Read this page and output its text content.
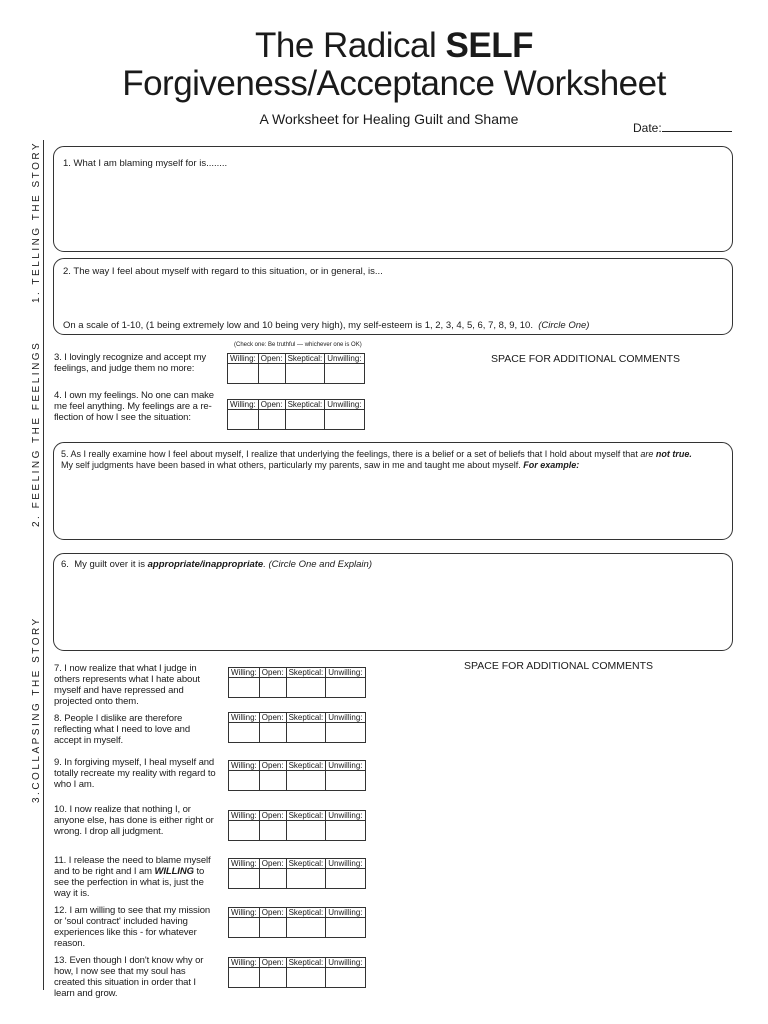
The Radical SELF
Forgiveness/Acceptance Worksheet
A Worksheet for Healing Guilt and Shame
Date:
1. TELLING THE STORY
2. FEELING THE FEELINGS
3.COLLAPSING THE STORY
1. What I am blaming myself for is........
2. The way I feel about myself with regard to this situation, or in general, is...
On a scale of 1-10, (1 being extremely low and 10 being very high), my self-esteem is 1, 2, 3, 4, 5, 6, 7, 8, 9, 10. (Circle One)
(Check one: Be truthful — whichever one is OK)
SPACE FOR ADDITIONAL COMMENTS
3. I lovingly recognize and accept my feelings, and judge them no more:
Willing:	Open:	Skeptical:	Unwilling:

4. I own my feelings. No one can make me feel anything. My feelings are a re- flection of how I see the situation:
Willing:	Open:	Skeptical:	Unwilling:

5. As I really examine how I feel about myself, I realize that underlying the feelings, there is a belief or a set of beliefs that I hold about myself that are not true.
My self judgments have been based in what others, particularly my parents, saw in me and taught me about myself. For example:
6. My guilt over it is appropriate/inappropriate. (Circle One and Explain)
SPACE FOR ADDITIONAL COMMENTS
7. I now realize that what I judge in others represents what I hate about myself and have repressed and projected onto them.
Willing:	Open:	Skeptical:	Unwilling:

8. People I dislike are therefore reflecting what I need to love and accept in myself.
Willing:	Open:	Skeptical:	Unwilling:

9. In forgiving myself, I heal myself and totally recreate my reality with regard to who I am.
Willing:	Open:	Skeptical:	Unwilling:

10. I now realize that nothing I, or anyone else, has done is either right or wrong. I drop all judgment.
Willing:	Open:	Skeptical:	Unwilling:

11. I release the need to blame myself and to be right and I am WILLING to see the perfection in what is, just the way it is.
Willing:	Open:	Skeptical:	Unwilling:

12. I am willing to see that my mission or 'soul contract' included having experiences like this - for whatever reason.
Willing:	Open:	Skeptical:	Unwilling:

13. Even though I don't know why or how, I now see that my soul has created this situation in order that I learn and grow.
Willing:	Open:	Skeptical:	Unwilling:
